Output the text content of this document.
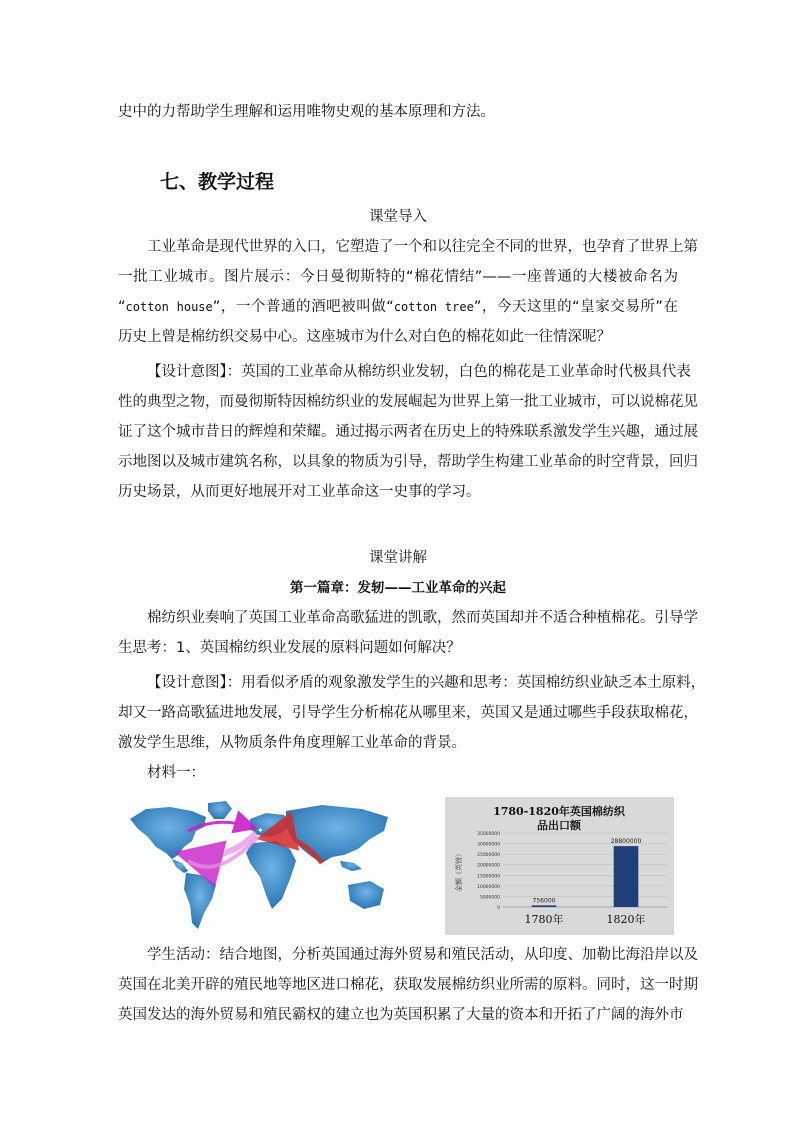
史中的力帮助学生理解和运用唯物史观的基本原理和方法。
七、教学过程
课堂导入
工业革命是现代世界的入口，它塑造了一个和以往完全不同的世界，也孕育了世界上第
一批工业城市。图片展示：今日曼彻斯特的“棉花情结”——一座普通的大楼被命名为
“cotton house”，一个普通的酒吧被叫做“cotton tree”，今天这里的“皇家交易所”在
历史上曾是棉纺织交易中心。这座城市为什么对白色的棉花如此一往情深呢？
【设计意图】：英国的工业革命从棉纺织业发轫，白色的棉花是工业革命时代极具代表
性的典型之物，而曼彻斯特因棉纺织业的发展崛起为世界上第一批工业城市，可以说棉花见
证了这个城市昔日的辉煌和荣耀。通过揭示两者在历史上的特殊联系激发学生兴趣，通过展
示地图以及城市建筑名称，以具象的物质为引导，帮助学生构建工业革命的时空背景，回归
历史场景，从而更好地展开对工业革命这一史事的学习。
课堂讲解
第一篇章：发轫——工业革命的兴起
棉纺织业奏响了英国工业革命高歌猛进的凯歌，然而英国却并不适合种植棉花。引导学
生思考：1、英国棉纺织业发展的原料问题如何解决？
【设计意图】：用看似矛盾的观象激发学生的兴趣和思考：英国棉纺织业缺乏本土原料，
却又一路高歌猛进地发展，引导学生分析棉花从哪里来，英国又是通过哪些手段获取棉花，
激发学生思维，从物质条件角度理解工业革命的背景。
材料一：
✦
1780-1820年英国棉纺织
品出口额
金额（英镑）
0
5000000
10000000
15000000
20000000
25000000
30000000
35000000
756000
28800000
1780年	1820年
学生活动：结合地图，分析英国通过海外贸易和殖民活动，从印度、加勒比海沿岸以及
英国在北美开辟的殖民地等地区进口棉花，获取发展棉纺织业所需的原料。同时，这一时期
英国发达的海外贸易和殖民霸权的建立也为英国积累了大量的资本和开拓了广阔的海外市
